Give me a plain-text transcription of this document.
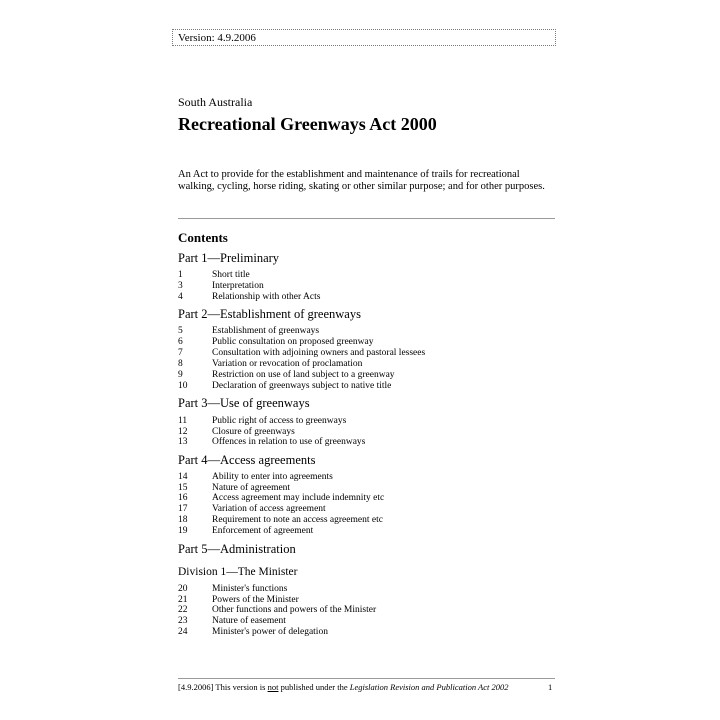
Version: 4.9.2006
South Australia
Recreational Greenways Act 2000
An Act to provide for the establishment and maintenance of trails for recreational walking, cycling, horse riding, skating or other similar purpose; and for other purposes.
Contents
Part 1—Preliminary
1	Short title
3	Interpretation
4	Relationship with other Acts
Part 2—Establishment of greenways
5	Establishment of greenways
6	Public consultation on proposed greenway
7	Consultation with adjoining owners and pastoral lessees
8	Variation or revocation of proclamation
9	Restriction on use of land subject to a greenway
10	Declaration of greenways subject to native title
Part 3—Use of greenways
11	Public right of access to greenways
12	Closure of greenways
13	Offences in relation to use of greenways
Part 4—Access agreements
14	Ability to enter into agreements
15	Nature of agreement
16	Access agreement may include indemnity etc
17	Variation of access agreement
18	Requirement to note an access agreement etc
19	Enforcement of agreement
Part 5—Administration
Division 1—The Minister
20	Minister's functions
21	Powers of the Minister
22	Other functions and powers of the Minister
23	Nature of easement
24	Minister's power of delegation
[4.9.2006] This version is not published under the Legislation Revision and Publication Act 2002	1
